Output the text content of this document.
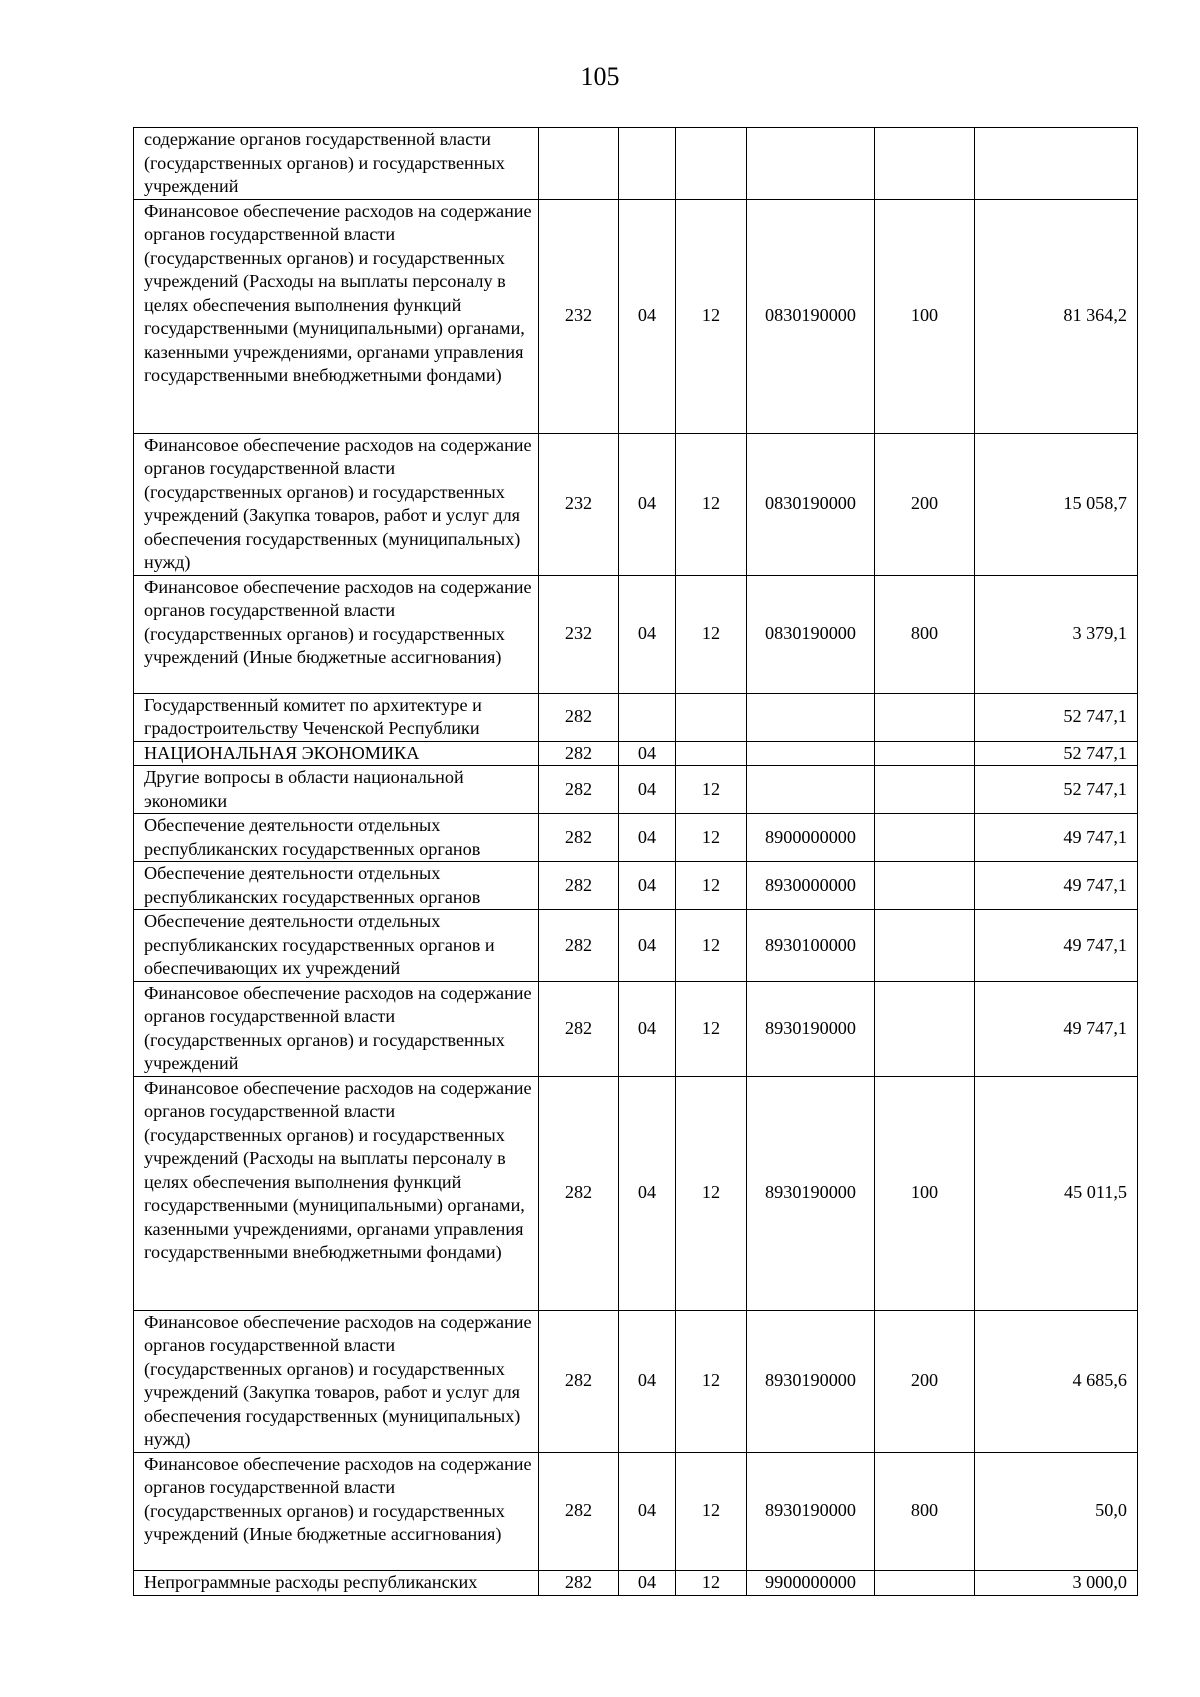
105
содержание органов государственной власти (государственных органов) и государственных учреждений						
Финансовое обеспечение расходов на содержание органов государственной власти (государственных органов) и государственных учреждений (Расходы на выплаты персоналу в целях обеспечения выполнения функций государственными (муниципальными) органами, казенными учреждениями, органами управления государственными внебюджетными фондами)	232	04	12	0830190000	100	81 364,2
Финансовое обеспечение расходов на содержание органов государственной власти (государственных органов) и государственных учреждений (Закупка товаров, работ и услуг для обеспечения государственных (муниципальных) нужд)	232	04	12	0830190000	200	15 058,7
Финансовое обеспечение расходов на содержание органов государственной власти (государственных органов) и государственных учреждений (Иные бюджетные ассигнования)	232	04	12	0830190000	800	3 379,1
Государственный комитет по архитектуре и градостроительству Чеченской Республики	282					52 747,1
НАЦИОНАЛЬНАЯ ЭКОНОМИКА	282	04				52 747,1
Другие вопросы в области национальной экономики	282	04	12			52 747,1
Обеспечение деятельности отдельных республиканских государственных органов	282	04	12	8900000000		49 747,1
Обеспечение деятельности отдельных республиканских государственных органов	282	04	12	8930000000		49 747,1
Обеспечение деятельности отдельных республиканских государственных органов и обеспечивающих их учреждений	282	04	12	8930100000		49 747,1
Финансовое обеспечение расходов на содержание органов государственной власти (государственных органов) и государственных учреждений	282	04	12	8930190000		49 747,1
Финансовое обеспечение расходов на содержание органов государственной власти (государственных органов) и государственных учреждений (Расходы на выплаты персоналу в целях обеспечения выполнения функций государственными (муниципальными) органами, казенными учреждениями, органами управления государственными внебюджетными фондами)	282	04	12	8930190000	100	45 011,5
Финансовое обеспечение расходов на содержание органов государственной власти (государственных органов) и государственных учреждений (Закупка товаров, работ и услуг для обеспечения государственных (муниципальных) нужд)	282	04	12	8930190000	200	4 685,6
Финансовое обеспечение расходов на содержание органов государственной власти (государственных органов) и государственных учреждений (Иные бюджетные ассигнования)	282	04	12	8930190000	800	50,0
Непрограммные расходы республиканских	282	04	12	9900000000		3 000,0
